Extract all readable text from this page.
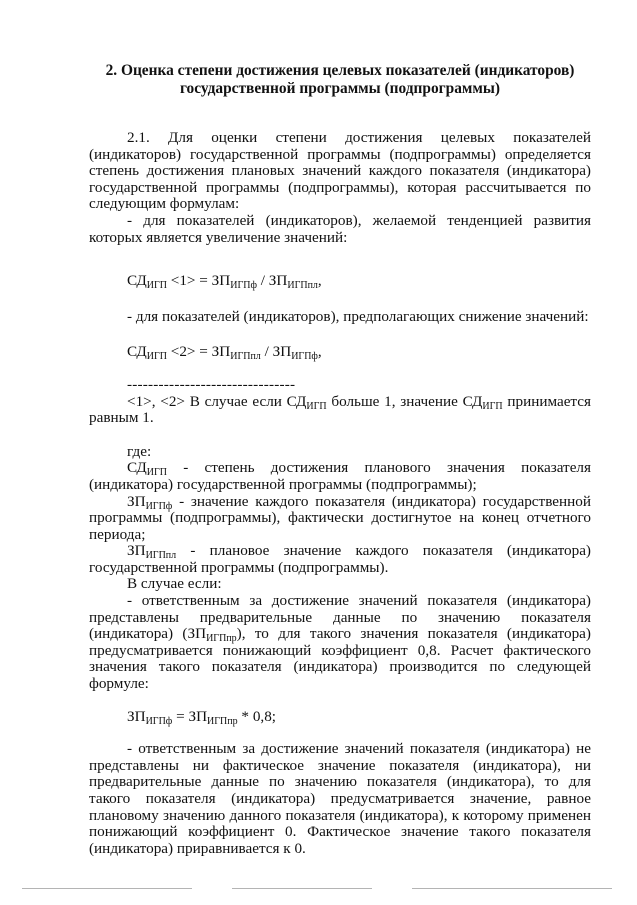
2. Оценка степени достижения целевых показателей (индикаторов)
государственной программы (подпрограммы)

2.1. Для оценки степени достижения целевых показателей (индикаторов) государственной программы (подпрограммы) определяется степень достижения плановых значений каждого показателя (индикатора) государственной программы (подпрограммы), которая рассчитывается по следующим формулам:

- для показателей (индикаторов), желаемой тенденцией развития которых является увеличение значений:

$СД_{ИГП} <1> = ЗП_{ИГПф} / ЗП_{ИГПпл}$,

- для показателей (индикаторов), предполагающих снижение значений:

$СД_{ИГП} <2> = ЗП_{ИГПпл} / ЗП_{ИГПф}$,

--------------------------------

<1>, <2> В случае если $СД_{ИГП}$ больше 1, значение $СД_{ИГП}$ принимается равным 1.

где:

$СД_{ИГП}$ - степень достижения планового значения показателя (индикатора) государственной программы (подпрограммы);

$ЗП_{ИГПф}$ - значение каждого показателя (индикатора) государственной программы (подпрограммы), фактически достигнутое на конец отчетного периода;

$ЗП_{ИГПпл}$ - плановое значение каждого показателя (индикатора) государственной программы (подпрограммы).

В случае если:

- ответственным за достижение значений показателя (индикатора) представлены предварительные данные по значению показателя (индикатора) $(ЗП_{ИГПпр})$, то для такого значения показателя (индикатора) предусматривается понижающий коэффициент 0,8. Расчет фактического значения такого показателя (индикатора) производится по следующей формуле:

$ЗП_{ИГПф} = ЗП_{ИГПпр} * 0,8$;

- ответственным за достижение значений показателя (индикатора) не представлены ни фактическое значение показателя (индикатора), ни предварительные данные по значению показателя (индикатора), то для такого показателя (индикатора) предусматривается значение, равное плановому значению данного показателя (индикатора), к которому применен понижающий коэффициент 0. Фактическое значение такого показателя (индикатора) приравнивается к 0.
